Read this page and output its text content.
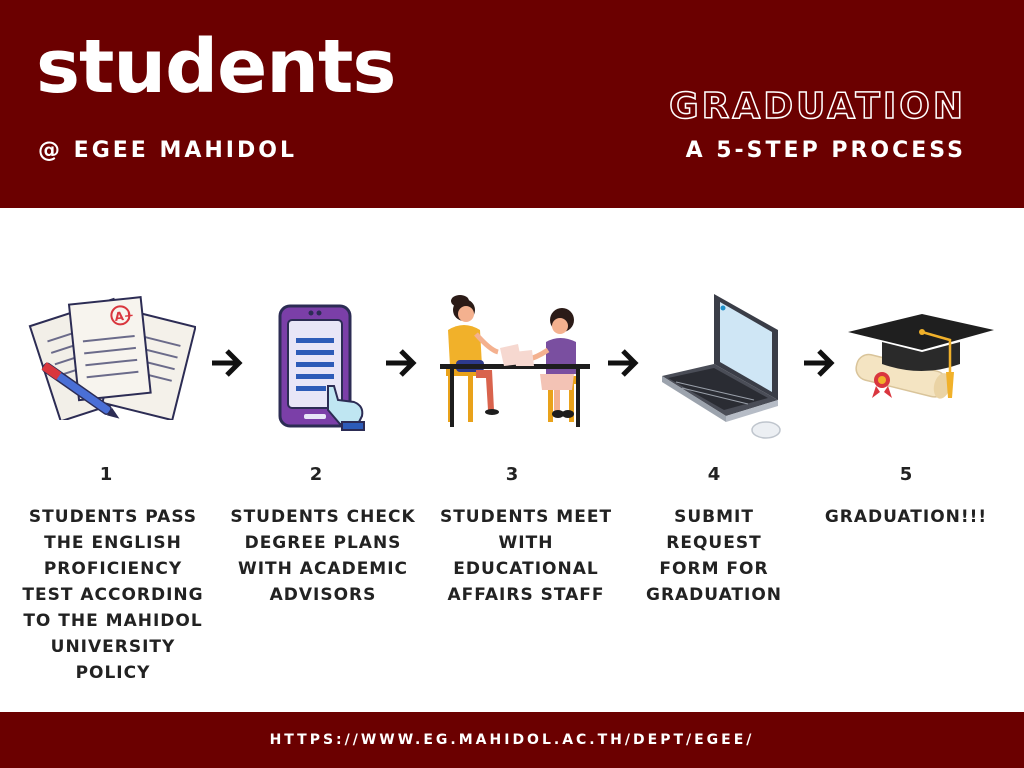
students
@ EGEE MAHIDOL
GRADUATION
A 5-STEP PROCESS
A+
1	2	3	4	5
STUDENTS PASS THE ENGLISH PROFICIENCY TEST ACCORDING TO THE MAHIDOL UNIVERSITY POLICY
STUDENTS CHECK DEGREE PLANS WITH ACADEMIC ADVISORS
STUDENTS MEET WITH EDUCATIONAL AFFAIRS STAFF
SUBMIT REQUEST FORM FOR GRADUATION
GRADUATION!!!
HTTPS://WWW.EG.MAHIDOL.AC.TH/DEPT/EGEE/
